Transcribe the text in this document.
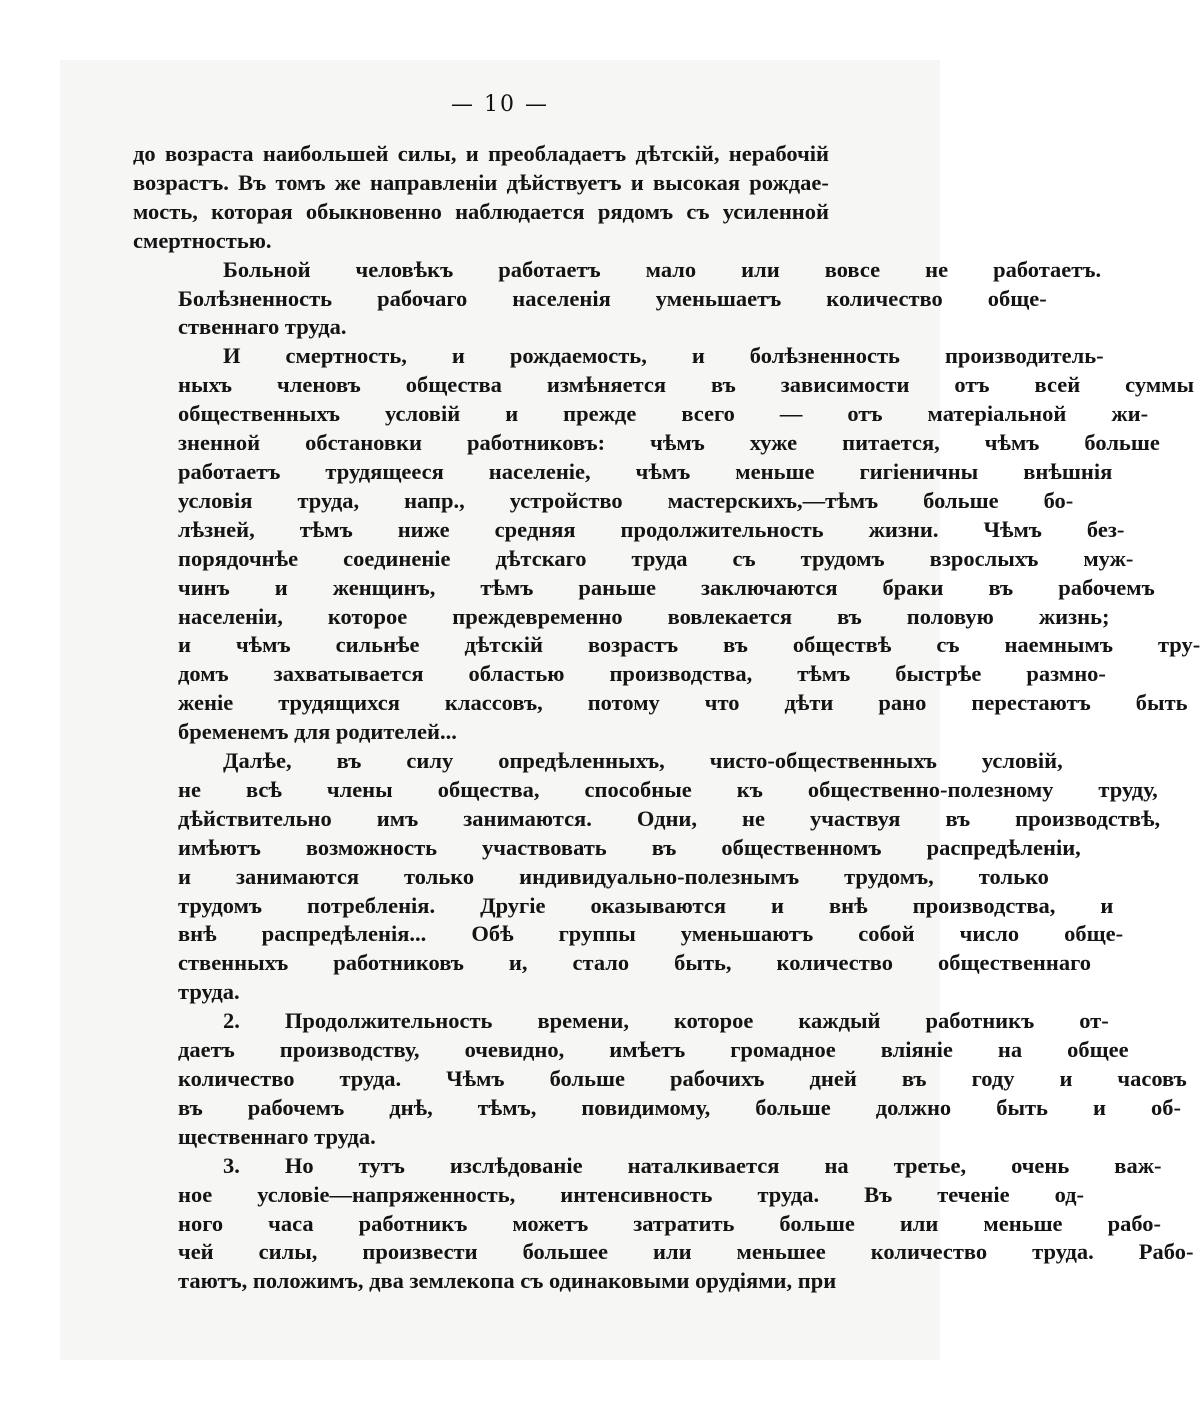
— 10 —
до возраста наибольшей силы, и преобладаетъ дѣтскій, нерабочій
возрастъ. Въ томъ же направленіи дѣйствуетъ и высокая рождае-
мость, которая обыкновенно наблюдается рядомъ съ усиленной
смертностью.
Больной	человѣкъ	работаетъ	мало	или	вовсе	не	работаетъ.
Болѣзненность	рабочаго	населенія	уменьшаетъ	количество	обще-
ственнаго труда.
И	смертность,	и	рождаемость,	и	болѣзненность	производитель-
ныхъ	членовъ	общества	измѣняется	въ	зависимости	отъ	всей	суммы
общественныхъ	условій	и	прежде	всего	—	отъ	матеріальной	жи-
зненной	обстановки	работниковъ:	чѣмъ	хуже	питается,	чѣмъ	больше
работаетъ	трудящееся	населеніе,	чѣмъ	меньше	гигіеничны	внѣшнія
условія	труда,	напр.,	устройство	мастерскихъ,—тѣмъ	больше	бо-
лѣзней,	тѣмъ	ниже	средняя	продолжительность	жизни.	Чѣмъ	без-
порядочнѣе	соединеніе	дѣтскаго	труда	съ	трудомъ	взрослыхъ	муж-
чинъ	и	женщинъ,	тѣмъ	раньше	заключаются	браки	въ	рабочемъ
населеніи,	которое	преждевременно	вовлекается	въ	половую	жизнь;
и	чѣмъ	сильнѣе	дѣтскій	возрастъ	въ	обществѣ	съ	наемнымъ	тру-
домъ	захватывается	областью	производства,	тѣмъ	быстрѣе	размно-
женіе	трудящихся	классовъ,	потому	что	дѣти	рано	перестаютъ	быть
бременемъ для родителей...
Далѣе,	въ	силу	опредѣленныхъ,	чисто-общественныхъ	условій,
не	всѣ	члены	общества,	способные	къ	общественно-полезному	труду,
дѣйствительно	имъ	занимаются.	Одни,	не	участвуя	въ	производствѣ,
имѣютъ	возможность	участвовать	въ	общественномъ	распредѣленіи,
и	занимаются	только	индивидуально-полезнымъ	трудомъ,	только
трудомъ	потребленія.	Другіе	оказываются	и	внѣ	производства,	и
внѣ	распредѣленія...	Обѣ	группы	уменьшаютъ	собой	число	обще-
ственныхъ	работниковъ	и,	стало	быть,	количество	общественнаго
труда.
2.	Продолжительность	времени,	которое	каждый	работникъ	от-
даетъ	производству,	очевидно,	имѣетъ	громадное	вліяніе	на	общее
количество	труда.	Чѣмъ	больше	рабочихъ	дней	въ	году	и	часовъ
въ	рабочемъ	днѣ,	тѣмъ,	повидимому,	больше	должно	быть	и	об-
щественнаго труда.
3.	Но	тутъ	изслѣдованіе	наталкивается	на	третье,	очень	важ-
ное	условіе—напряженность,	интенсивность	труда.	Въ	теченіе	од-
ного	часа	работникъ	можетъ	затратить	больше	или	меньше	рабо-
чей	силы,	произвести	большее	или	меньшее	количество	труда.	Рабо-
таютъ, положимъ, два землекопа съ одинаковыми орудіями, при
